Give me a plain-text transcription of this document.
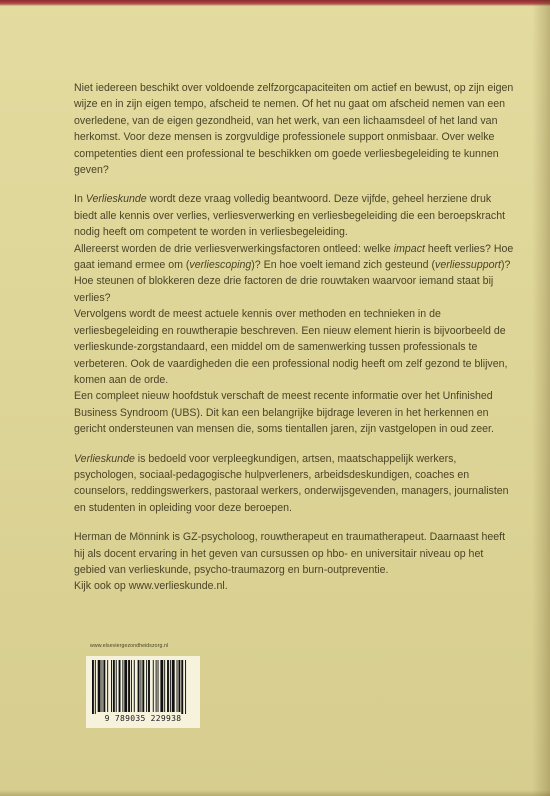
Niet iedereen beschikt over voldoende zelfzorgcapaciteiten om actief en bewust, op zijn eigen wijze en in zijn eigen tempo, afscheid te nemen. Of het nu gaat om afscheid nemen van een overledene, van de eigen gezondheid, van het werk, van een lichaamsdeel of het land van herkomst. Voor deze mensen is zorgvuldige professionele support onmisbaar. Over welke competenties dient een professional te beschikken om goede verliesbegeleiding te kunnen geven?

In Verlieskunde wordt deze vraag volledig beantwoord. Deze vijfde, geheel herziene druk biedt alle kennis over verlies, verliesverwerking en verliesbegeleiding die een beroepskracht nodig heeft om competent te worden in verliesbegeleiding.

Allereerst worden de drie verliesverwerkingsfactoren ontleed: welke impact heeft verlies? Hoe gaat iemand ermee om (verliescoping)? En hoe voelt iemand zich gesteund (verliessupport)? Hoe steunen of blokkeren deze drie factoren de drie rouwtaken waarvoor iemand staat bij verlies?

Vervolgens wordt de meest actuele kennis over methoden en technieken in de verliesbegeleiding en rouwtherapie beschreven. Een nieuw element hierin is bijvoorbeeld de verlieskunde-zorgstandaard, een middel om de samenwerking tussen professionals te verbeteren. Ook de vaardigheden die een professional nodig heeft om zelf gezond te blijven, komen aan de orde.

Een compleet nieuw hoofdstuk verschaft de meest recente informatie over het Unfinished Business Syndroom (UBS). Dit kan een belangrijke bijdrage leveren in het herkennen en gericht ondersteunen van mensen die, soms tientallen jaren, zijn vastgelopen in oud zeer.

Verlieskunde is bedoeld voor verpleegkundigen, artsen, maatschappelijk werkers, psychologen, sociaal-pedagogische hulpverleners, arbeidsdeskundigen, coaches en counselors, reddingswerkers, pastoraal werkers, onderwijsgevenden, managers, journalisten en studenten in opleiding voor deze beroepen.

Herman de Mönnink is GZ-psycholoog, rouwtherapeut en traumatherapeut. Daarnaast heeft hij als docent ervaring in het geven van cursussen op hbo- en universitair niveau op het gebied van verlieskunde, psycho-traumazorg en burn-outpreventie.

Kijk ook op www.verlieskunde.nl.

www.elseviergezondheidszorg.nl
9 789035 229938
